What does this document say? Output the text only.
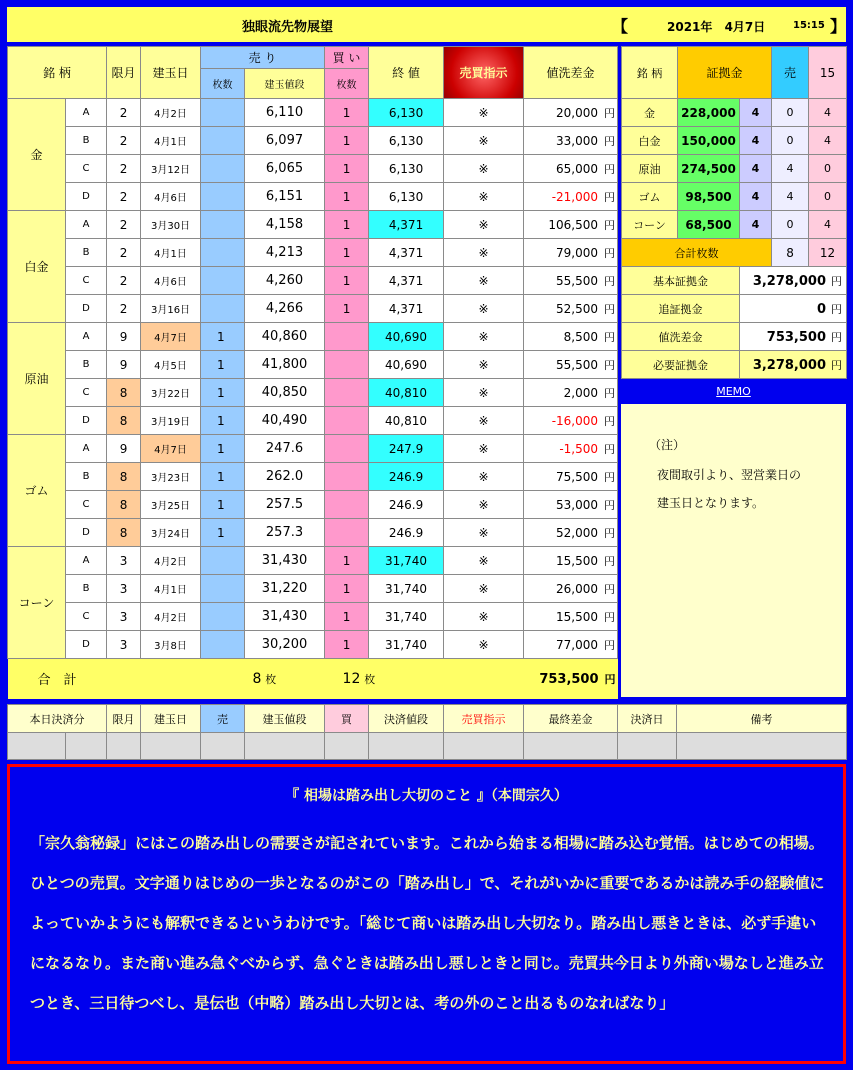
独眼流先物展望	【	2021年 4月7日	15:15 】
銘 柄		限月	建玉日	売 り		買 い	終 値	売買指示	値洗差金
				枚数	建玉値段	枚数			
金	A	2	4月2日		6,110	1	6,130	※	20,000 円
	B	2	4月1日		6,097	1	6,130	※	33,000 円
	C	2	3月12日		6,065	1	6,130	※	65,000 円
	D	2	4月6日		6,151	1	6,130	※	-21,000 円
白金	A	2	3月30日		4,158	1	4,371	※	106,500 円
	B	2	4月1日		4,213	1	4,371	※	79,000 円
	C	2	4月6日		4,260	1	4,371	※	55,500 円
	D	2	3月16日		4,266	1	4,371	※	52,500 円
原油	A	9	4月7日	1	40,860		40,690	※	8,500 円
	B	9	4月5日	1	41,800		40,690	※	55,500 円
	C	8	3月22日	1	40,850		40,810	※	2,000 円
	D	8	3月19日	1	40,490		40,810	※	-16,000 円
ゴム	A	9	4月7日	1	247.6		247.9	※	-1,500 円
	B	8	3月23日	1	262.0		246.9	※	75,500 円
	C	8	3月25日	1	257.5		246.9	※	53,000 円
	D	8	3月24日	1	257.3		246.9	※	52,000 円
コーン	A	3	4月2日		31,430	1	31,740	※	15,500 円
	B	3	4月1日		31,220	1	31,740	※	26,000 円
	C	3	4月2日		31,430	1	31,740	※	15,500 円
	D	3	3月8日		30,200	1	31,740	※	77,000 円
合　計					8 枚	12 枚			753,500 円
銘 柄	証拠金		売	15
金	228,000	4	0	4
白金	150,000	4	0	4
原油	274,500	4	4	0
ゴム	98,500	4	4	0
コーン	68,500	4	0	4
合計枚数			8	12
基本証拠金		3,278,000 円		
追証拠金		0 円		
値洗差金		753,500 円		
必要証拠金		3,278,000 円		
MEMO
（注）
夜間取引より、翌営業日の
建玉日となります。
本日決済分		限月	建玉日	売	建玉値段	買	決済値段	売買指示	最終差金	決済日	備考

『 相場は踏み出し大切のこと 』（本間宗久）
「宗久翁秘録」にはこの踏み出しの需要さが記されています。これから始まる相場に踏み込む覚悟。はじめての相場。ひとつの売買。文字通りはじめの一歩となるのがこの「踏み出し」で、それがいかに重要であるかは読み手の経験値によっていかようにも解釈できるというわけです。「総じて商いは踏み出し大切なり。踏み出し悪きときは、必ず手違いになるなり。また商い進み急ぐべからず、急ぐときは踏み出し悪しときと同じ。売買共今日より外商い場なしと進み立つとき、三日待つべし、是伝也（中略）踏み出し大切とは、考の外のこと出るものなればなり」
